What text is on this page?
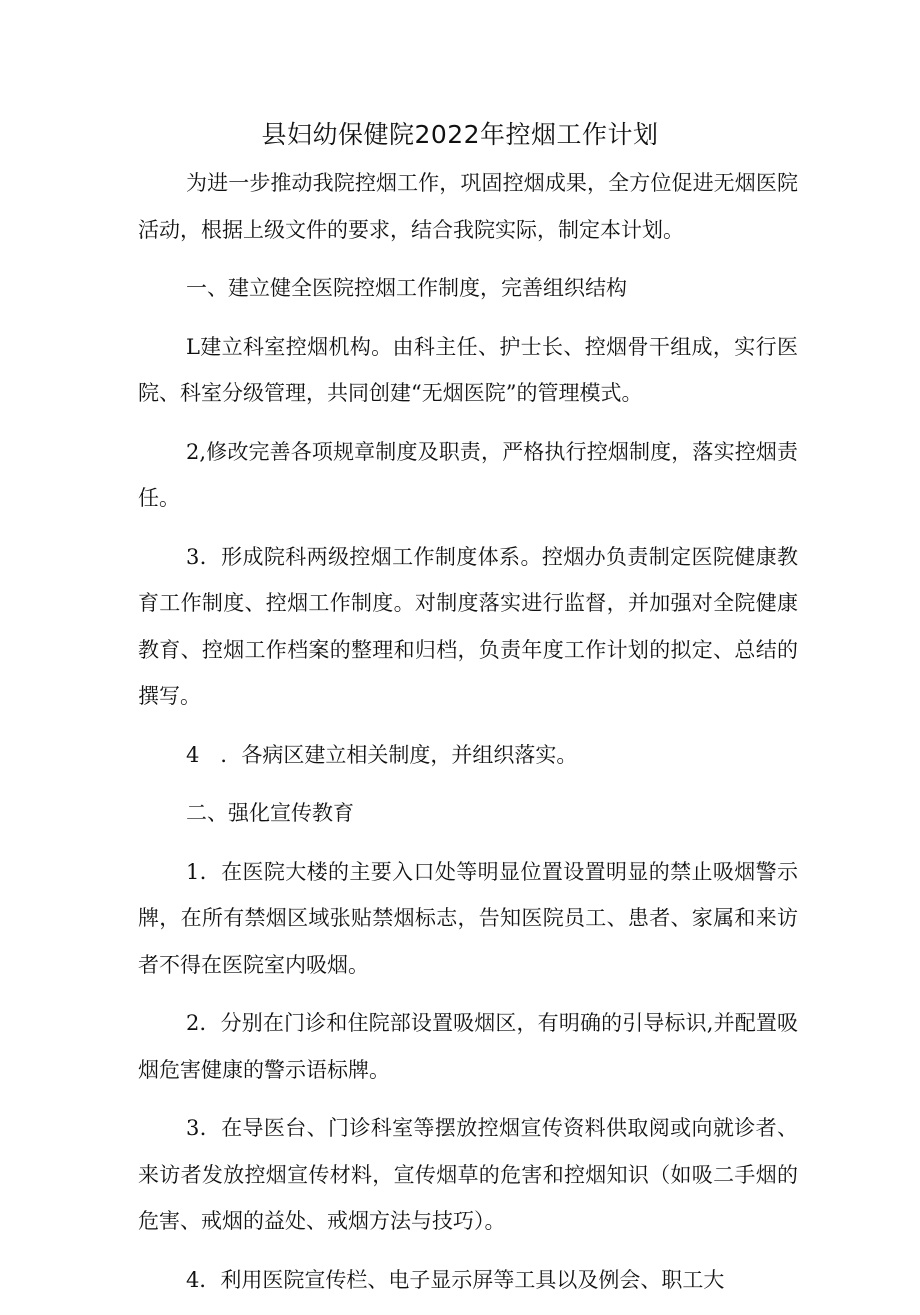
县妇幼保健院2022年控烟工作计划

为进一步推动我院控烟工作，巩固控烟成果，全方位促进无烟医院活动，根据上级文件的要求，结合我院实际，制定本计划。

一、建立健全医院控烟工作制度，完善组织结构

L建立科室控烟机构。由科主任、护士长、控烟骨干组成，实行医院、科室分级管理，共同创建“无烟医院”的管理模式。

2,修改完善各项规章制度及职责，严格执行控烟制度，落实控烟责任。

3．形成院科两级控烟工作制度体系。控烟办负责制定医院健康教育工作制度、控烟工作制度。对制度落实进行监督，并加强对全院健康教育、控烟工作档案的整理和归档，负责年度工作计划的拟定、总结的撰写。

4　．各病区建立相关制度，并组织落实。

二、强化宣传教育

1．在医院大楼的主要入口处等明显位置设置明显的禁止吸烟警示牌，在所有禁烟区域张贴禁烟标志，告知医院员工、患者、家属和来访者不得在医院室内吸烟。

2．分别在门诊和住院部设置吸烟区，有明确的引导标识,并配置吸烟危害健康的警示语标牌。

3．在导医台、门诊科室等摆放控烟宣传资料供取阅或向就诊者、来访者发放控烟宣传材料，宣传烟草的危害和控烟知识（如吸二手烟的危害、戒烟的益处、戒烟方法与技巧）。

4．利用医院宣传栏、电子显示屏等工具以及例会、职工大
